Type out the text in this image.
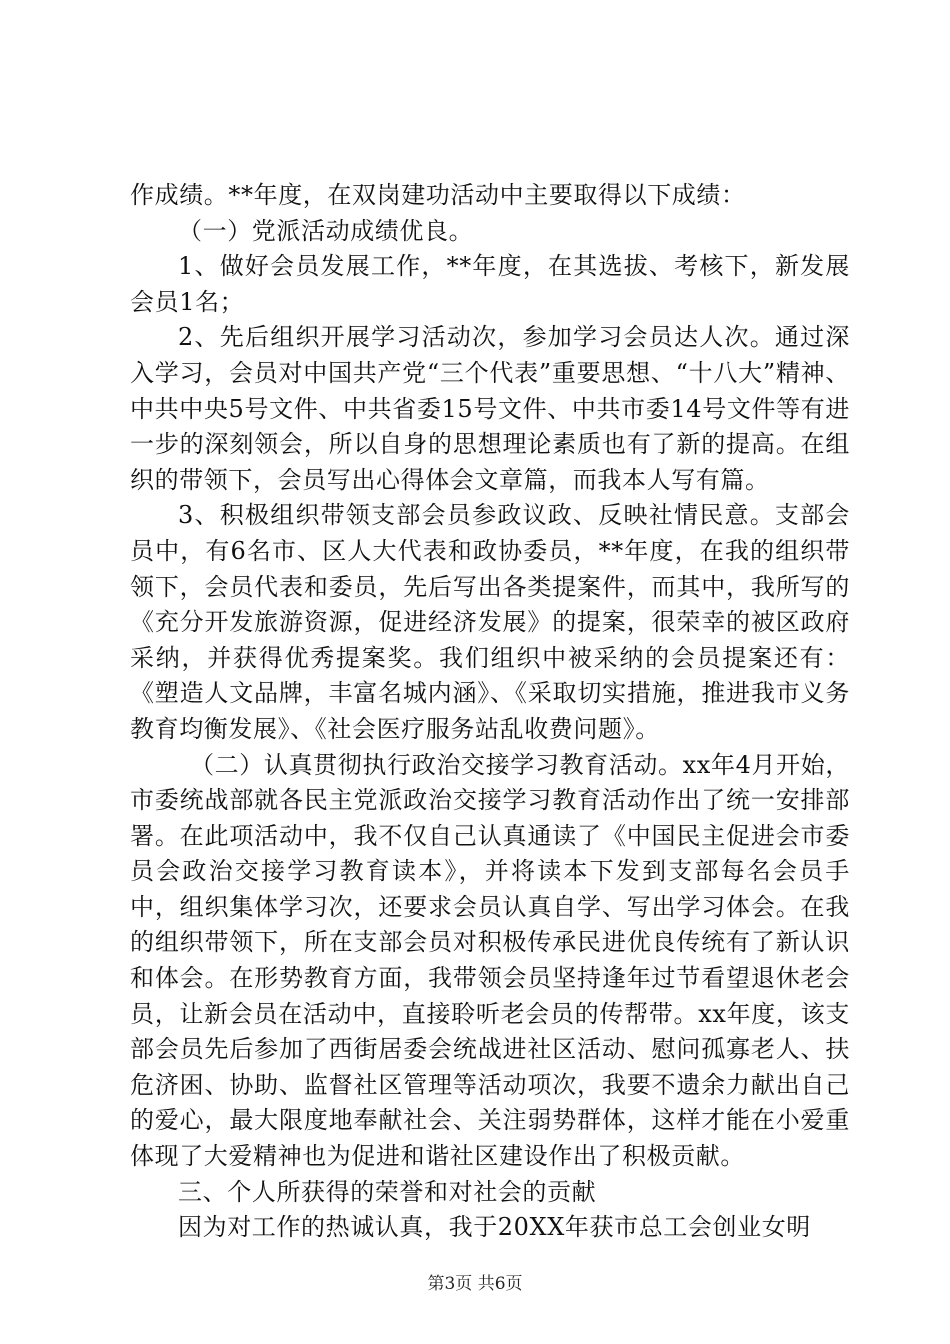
作成绩。**年度，在双岗建功活动中主要取得以下成绩：

（一）党派活动成绩优良。

1、做好会员发展工作，**年度，在其选拔、考核下，新发展会员1名；

2、先后组织开展学习活动次，参加学习会员达人次。通过深入学习，会员对中国共产党“三个代表”重要思想、“十八大”精神、中共中央5号文件、中共省委15号文件、中共市委14号文件等有进一步的深刻领会，所以自身的思想理论素质也有了新的提高。在组织的带领下，会员写出心得体会文章篇，而我本人写有篇。

3、积极组织带领支部会员参政议政、反映社情民意。支部会员中，有6名市、区人大代表和政协委员，**年度，在我的组织带领下，会员代表和委员，先后写出各类提案件，而其中，我所写的《充分开发旅游资源，促进经济发展》的提案，很荣幸的被区政府采纳，并获得优秀提案奖。我们组织中被采纳的会员提案还有：《塑造人文品牌，丰富名城内涵》、《采取切实措施，推进我市义务教育均衡发展》、《社会医疗服务站乱收费问题》。

（二）认真贯彻执行政治交接学习教育活动。xx年4月开始，市委统战部就各民主党派政治交接学习教育活动作出了统一安排部署。在此项活动中，我不仅自己认真通读了《中国民主促进会市委员会政治交接学习教育读本》，并将读本下发到支部每名会员手中，组织集体学习次，还要求会员认真自学、写出学习体会。在我的组织带领下，所在支部会员对积极传承民进优良传统有了新认识和体会。在形势教育方面，我带领会员坚持逢年过节看望退休老会员，让新会员在活动中，直接聆听老会员的传帮带。xx年度，该支部会员先后参加了西街居委会统战进社区活动、慰问孤寡老人、扶危济困、协助、监督社区管理等活动项次，我要不遗余力献出自己的爱心，最大限度地奉献社会、关注弱势群体，这样才能在小爱重体现了大爱精神也为促进和谐社区建设作出了积极贡献。

三、个人所获得的荣誉和对社会的贡献

因为对工作的热诚认真，我于20XX年获市总工会创业女明

第3页 共6页
